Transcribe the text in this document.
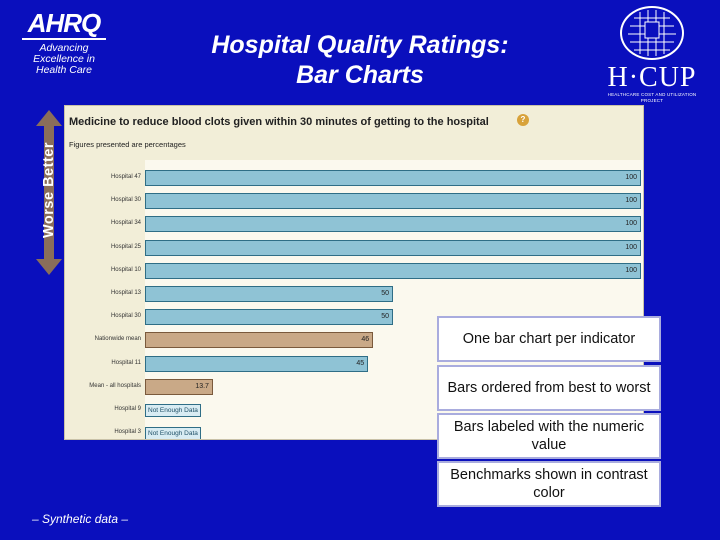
AHRQ
Advancing
Excellence in
Health Care
Hospital Quality Ratings:
Bar Charts	H·CUP
HEALTHCARE COST AND UTILIZATION PROJECT
Worse Better
Medicine to reduce blood clots given within 30 minutes of getting to the hospital	?
Figures presented are percentages
Hospital 47	100
Hospital 30	100
Hospital 34	100
Hospital 25	100
Hospital 10	100
Hospital 13	50
Hospital 30	50
Nationwide mean	46
Hospital 11	45
Mean - all hospitals	13.7
Hospital 9	Not Enough Data
Hospital 3	Not Enough Data
One bar chart per indicator
Bars ordered from best to worst
Bars labeled with the numeric value
Benchmarks shown in contrast color
– Synthetic data –
